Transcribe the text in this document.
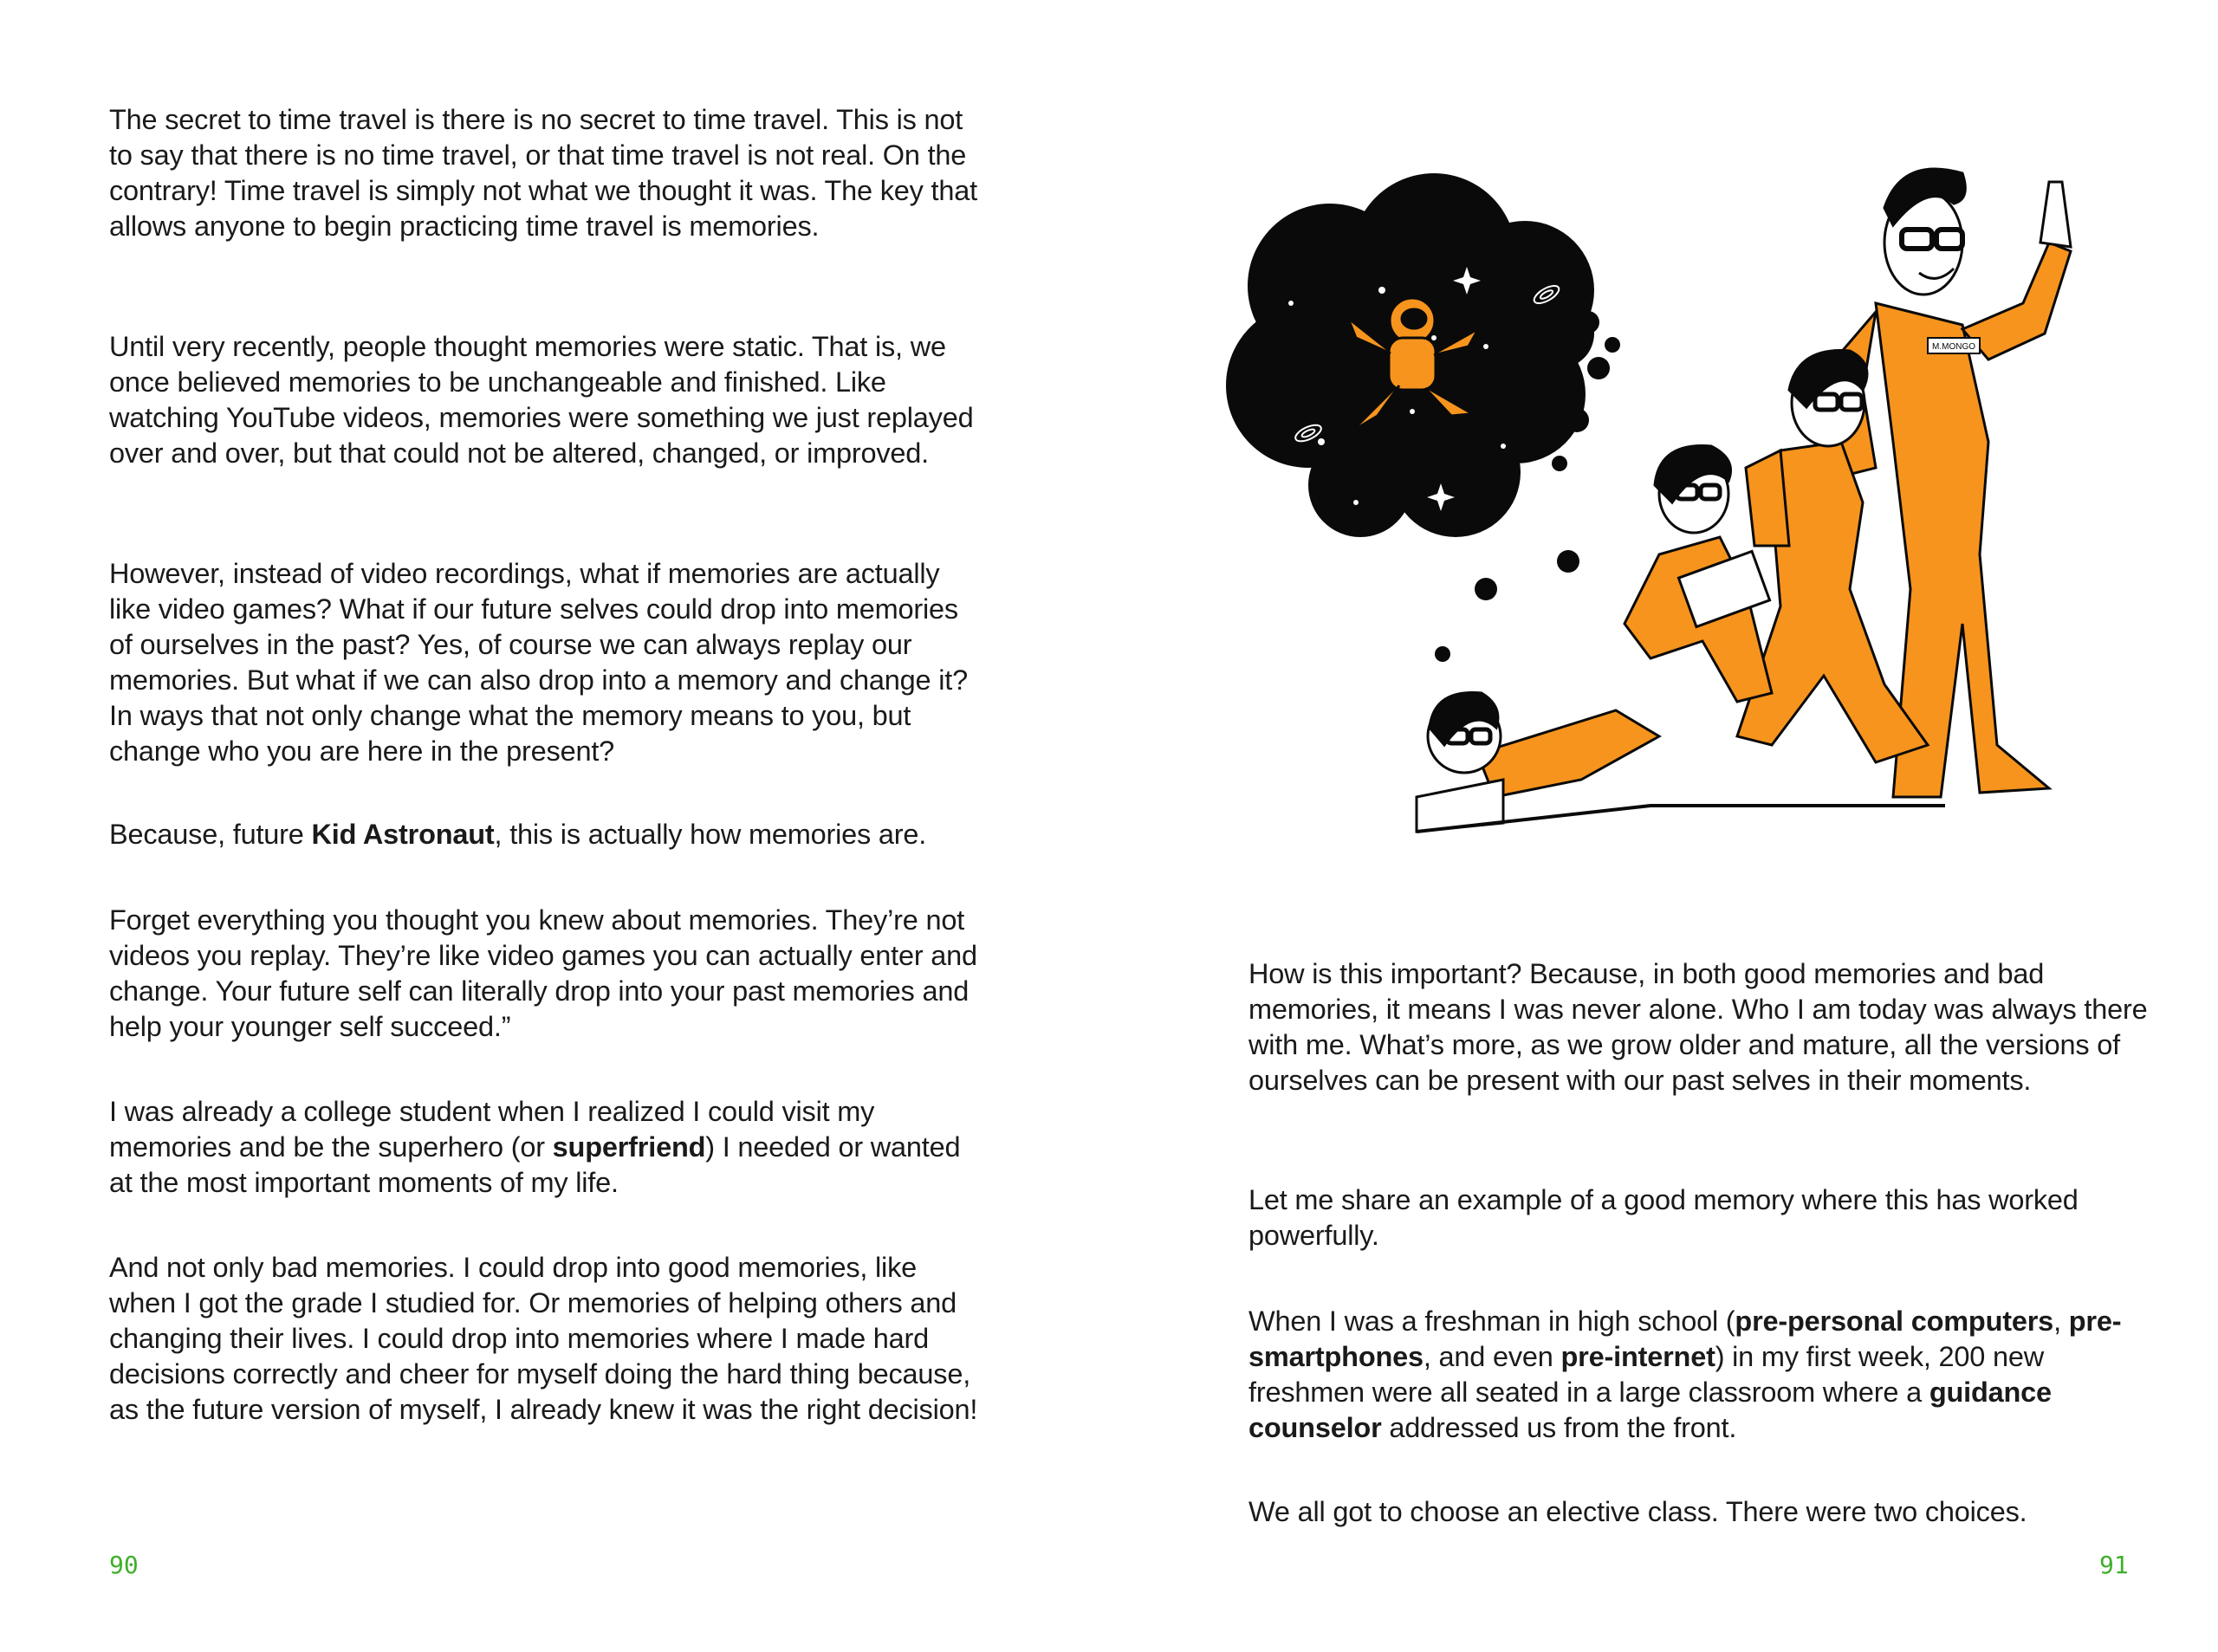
The secret to time travel is there is no secret to time travel. This is not to say that there is no time travel, or that time travel is not real. On the contrary! Time travel is simply not what we thought it was. The key that allows anyone to begin practicing time travel is memories.

Until very recently, people thought memories were static. That is, we once believed memories to be unchangeable and finished. Like watching YouTube videos, memories were something we just replayed over and over, but that could not be altered, changed, or improved.

However, instead of video recordings, what if memories are actually like video games? What if our future selves could drop into memories of ourselves in the past? Yes, of course we can always replay our memories. But what if we can also drop into a memory and change it? In ways that not only change what the memory means to you, but change who you are here in the present?

Because, future Kid Astronaut, this is actually how memories are.

Forget everything you thought you knew about memories. They’re not videos you replay. They’re like video games you can actually enter and change. Your future self can literally drop into your past memories and help your younger self succeed.”

I was already a college student when I realized I could visit my memories and be the superhero (or superfriend) I needed or wanted at the most important moments of my life.

And not only bad memories. I could drop into good memories, like when I got the grade I studied for. Or memories of helping others and changing their lives. I could drop into memories where I made hard decisions correctly and cheer for myself doing the hard thing because, as the future version of myself, I already knew it was the right decision!

90
M.MONGO

How is this important? Because, in both good memories and bad memories, it means I was never alone. Who I am today was always there with me. What’s more, as we grow older and mature, all the versions of ourselves can be present with our past selves in their moments.

Let me share an example of a good memory where this has worked powerfully.

When I was a freshman in high school (pre-personal computers, pre-smartphones, and even pre-internet) in my first week, 200 new freshmen were all seated in a large classroom where a guidance counselor addressed us from the front.

We all got to choose an elective class. There were two choices.

91
